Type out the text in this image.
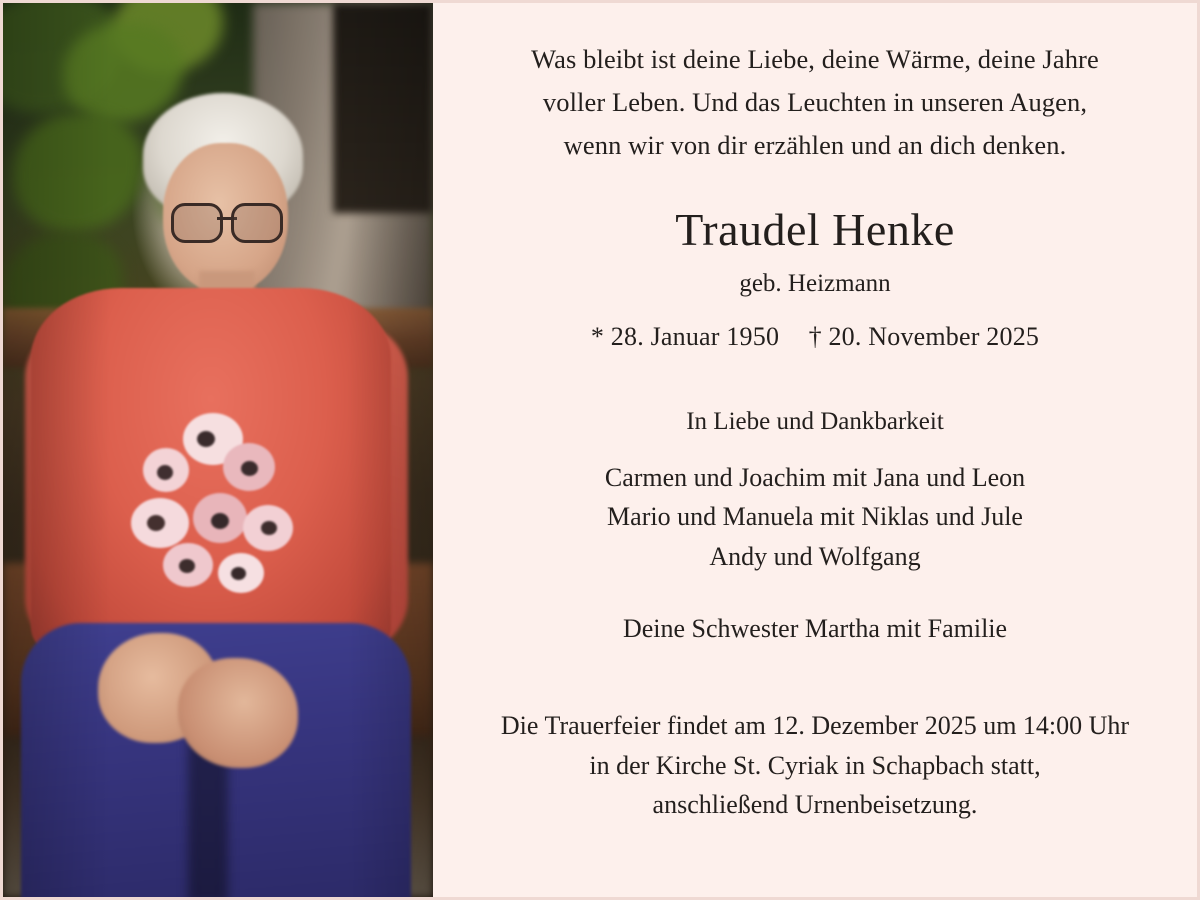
Was bleibt ist deine Liebe, deine Wärme, deine Jahre
voller Leben. Und das Leuchten in unseren Augen,
wenn wir von dir erzählen und an dich denken.
Traudel Henke
geb. Heizmann
* 28. Januar 1950 † 20. November 2025
In Liebe und Dankbarkeit
Carmen und Joachim mit Jana und Leon
Mario und Manuela mit Niklas und Jule
Andy und Wolfgang
Deine Schwester Martha mit Familie
Die Trauerfeier findet am 12. Dezember 2025 um 14:00 Uhr
in der Kirche St. Cyriak in Schapbach statt,
anschließend Urnenbeisetzung.
